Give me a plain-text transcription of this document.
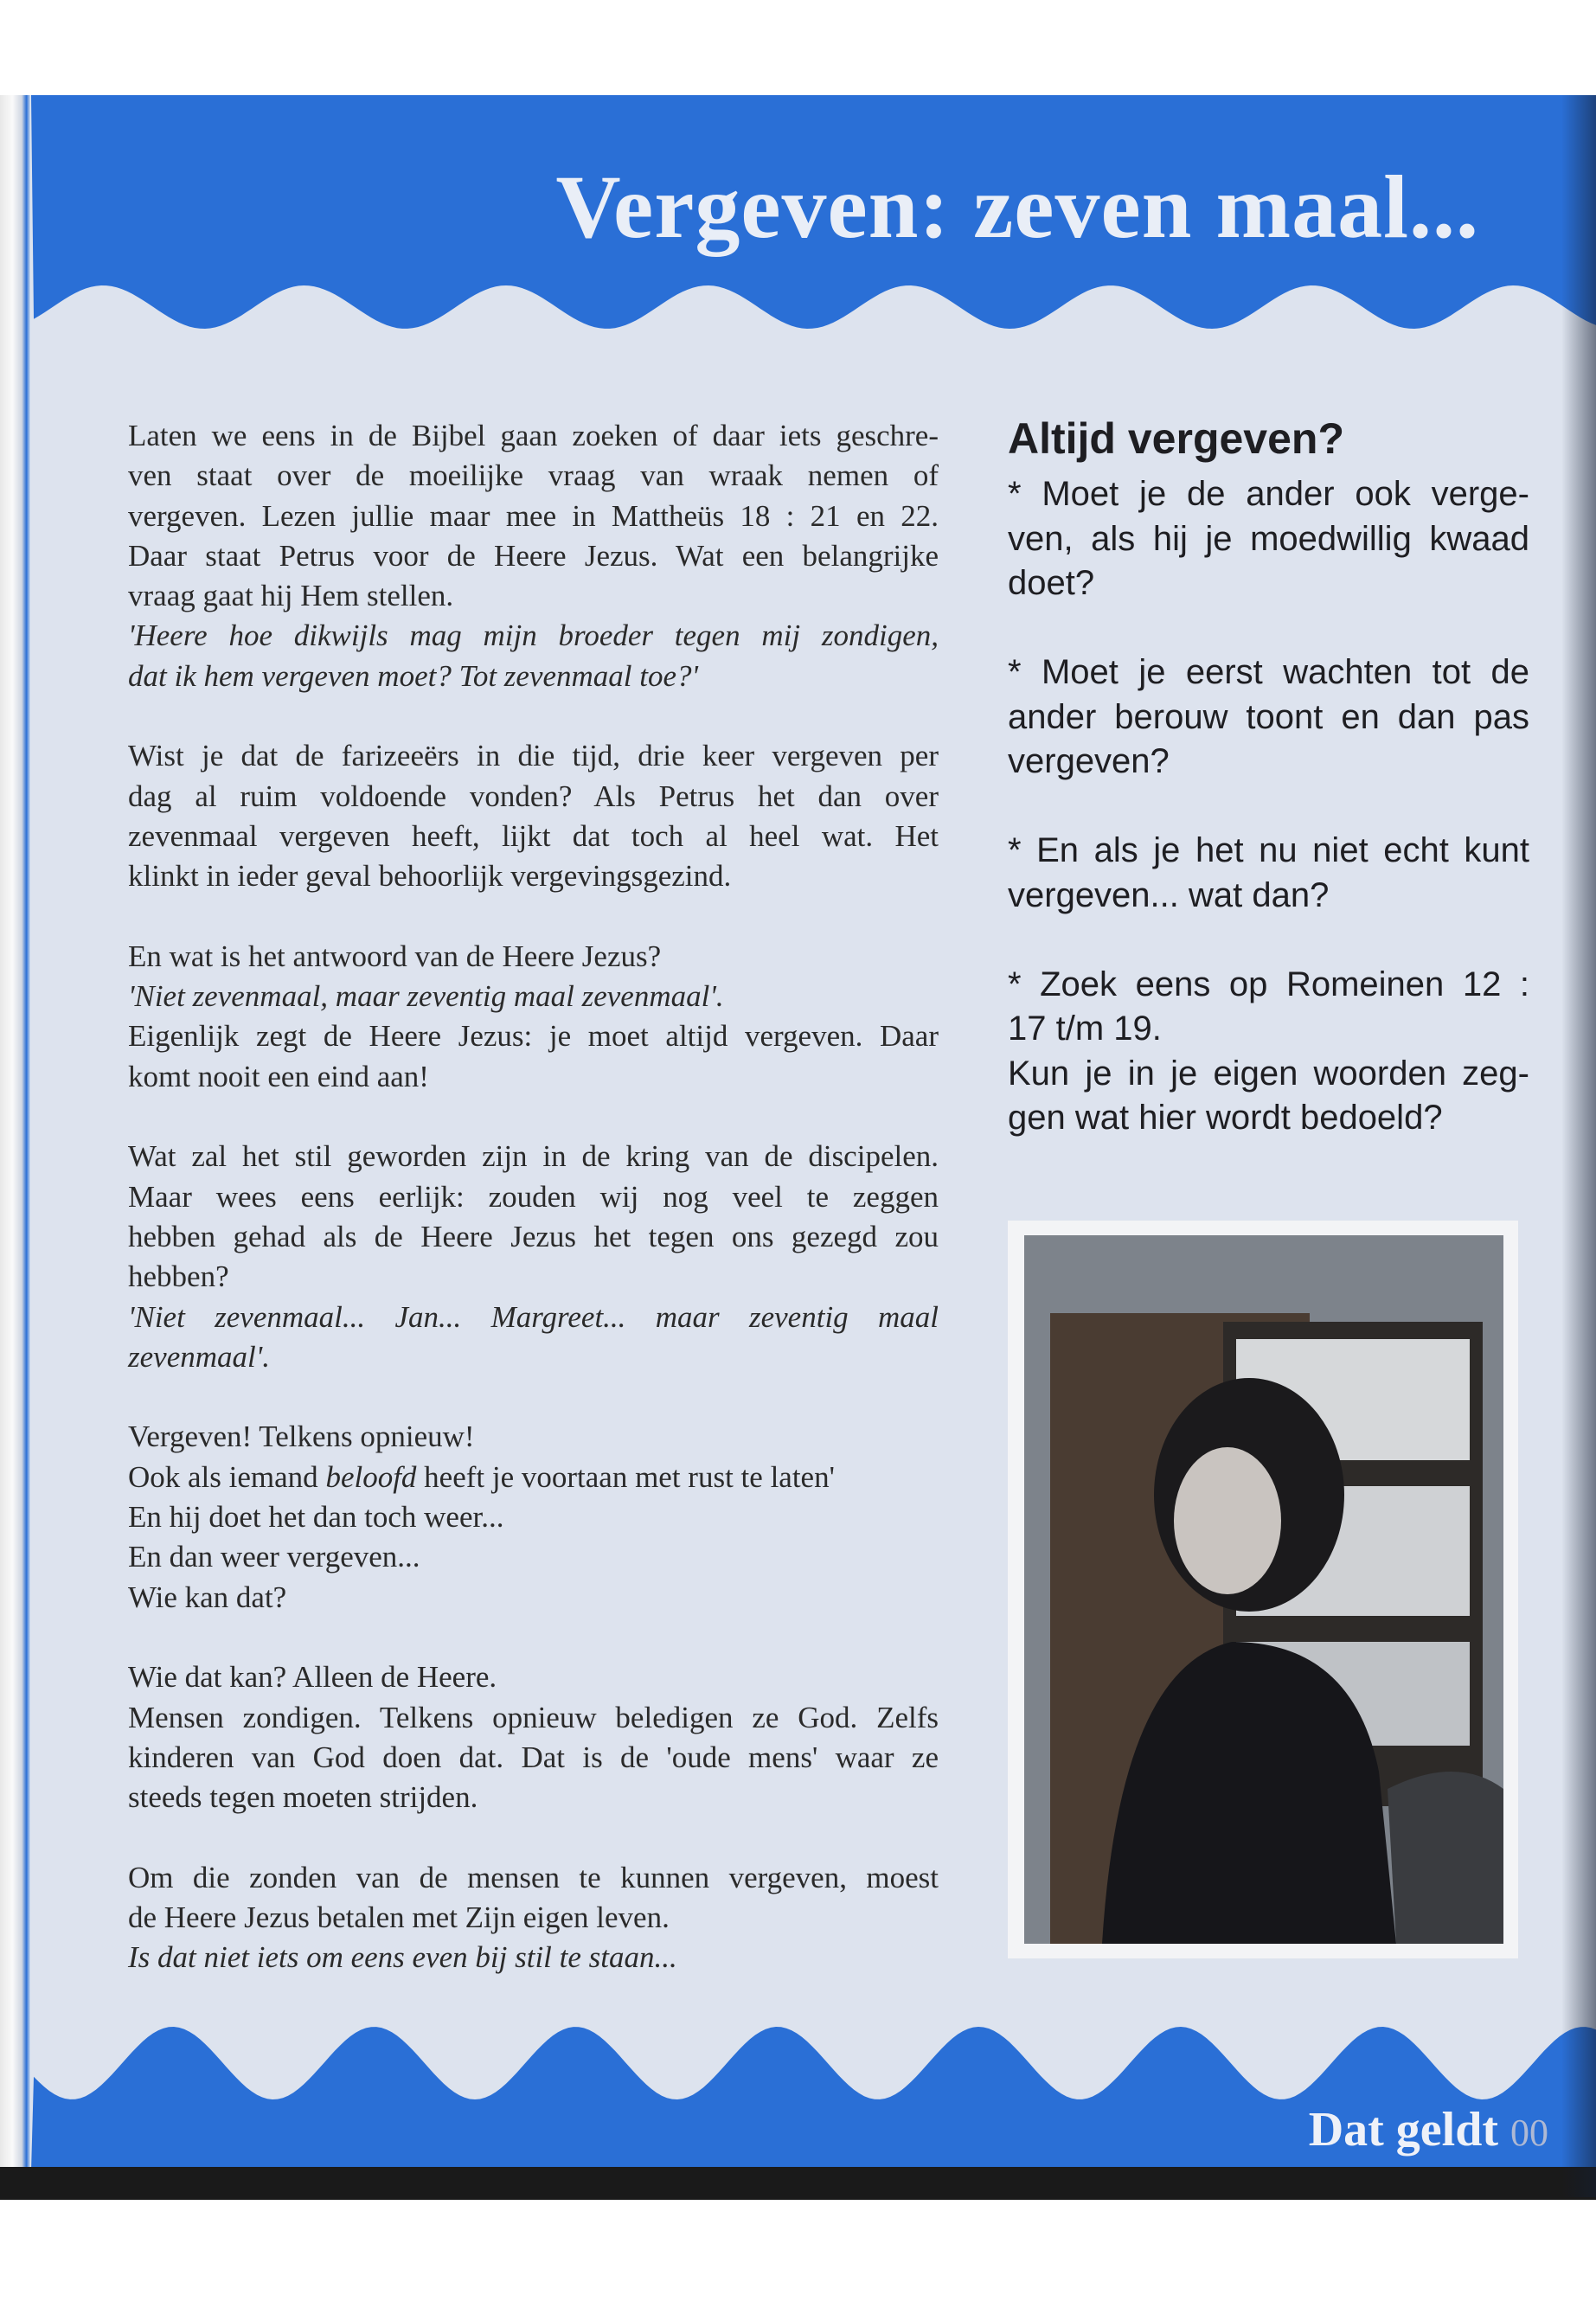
Vergeven: zeven maal...
Laten we eens in de Bijbel gaan zoeken of daar iets geschre-
ven staat over de moeilijke vraag van wraak nemen of
vergeven. Lezen jullie maar mee in Mattheüs 18 : 21 en 22.
Daar staat Petrus voor de Heere Jezus. Wat een belangrijke
vraag gaat hij Hem stellen.
'Heere hoe dikwijls mag mijn broeder tegen mij zondigen,
dat ik hem vergeven moet? Tot zevenmaal toe?'
Wist je dat de farizeeërs in die tijd, drie keer vergeven per
dag al ruim voldoende vonden? Als Petrus het dan over
zevenmaal vergeven heeft, lijkt dat toch al heel wat. Het
klinkt in ieder geval behoorlijk vergevingsgezind.
En wat is het antwoord van de Heere Jezus?
'Niet zevenmaal, maar zeventig maal zevenmaal'.
Eigenlijk zegt de Heere Jezus: je moet altijd vergeven. Daar
komt nooit een eind aan!
Wat zal het stil geworden zijn in de kring van de discipelen.
Maar wees eens eerlijk: zouden wij nog veel te zeggen
hebben gehad als de Heere Jezus het tegen ons gezegd zou
hebben?
'Niet zevenmaal... Jan... Margreet... maar zeventig maal
zevenmaal'.
Vergeven! Telkens opnieuw!
Ook als iemand beloofd heeft je voortaan met rust te laten'
En hij doet het dan toch weer...
En dan weer vergeven...
Wie kan dat?
Wie dat kan? Alleen de Heere.
Mensen zondigen. Telkens opnieuw beledigen ze God. Zelfs
kinderen van God doen dat. Dat is de 'oude mens' waar ze
steeds tegen moeten strijden.
Om die zonden van de mensen te kunnen vergeven, moest
de Heere Jezus betalen met Zijn eigen leven.
Is dat niet iets om eens even bij stil te staan...
Altijd vergeven?
* Moet je de ander ook verge-
ven, als hij je moedwillig kwaad
doet?
* Moet je eerst wachten tot de
ander berouw toont en dan pas
vergeven?
* En als je het nu niet echt kunt
vergeven... wat dan?
* Zoek eens op Romeinen 12 :
17 t/m 19.
Kun je in je eigen woorden zeg-
gen wat hier wordt bedoeld?
Dat geldt 00
